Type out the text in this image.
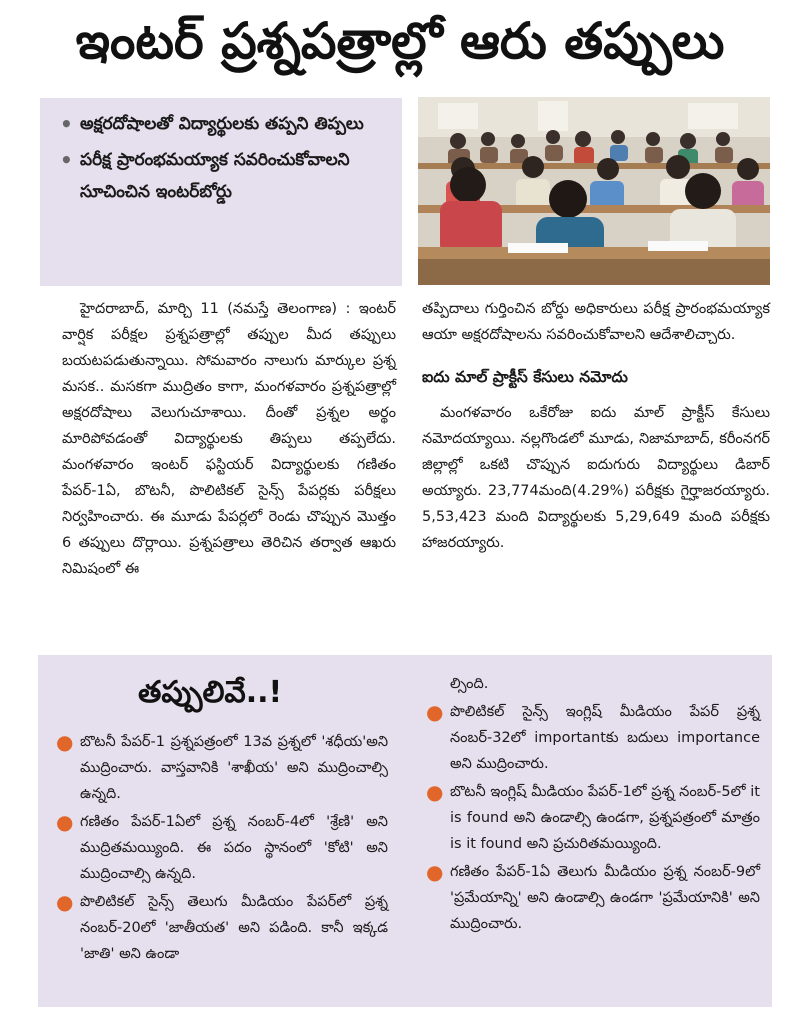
ఇంటర్ ప్రశ్నపత్రాల్లో ఆరు తప్పులు
• అక్షరదోషాలతో విద్యార్థులకు తప్పని తిప్పలు
• పరీక్ష ప్రారంభమయ్యాక సవరించుకోవాలని సూచించిన ఇంటర్‌బోర్డు

హైదరాబాద్, మార్చి 11 (నమస్తే తెలంగాణ) : ఇంటర్ వార్షిక పరీక్షల ప్రశ్నపత్రాల్లో తప్పుల మీద తప్పులు బయటపడుతున్నాయి. సోమవారం నాలుగు మార్కుల ప్రశ్న మసక.. మసకగా ముద్రితం కాగా, మంగళవారం ప్రశ్నపత్రాల్లో అక్షరదోషాలు వెలుగుచూశాయి. దీంతో ప్రశ్నల అర్థం మారిపోవడంతో విద్యార్థులకు తిప్పలు తప్పలేదు. మంగళవారం ఇంటర్ ఫస్టియర్ విద్యార్థులకు గణితం పేపర్-1ఏ, బొటనీ, పొలిటికల్ సైన్స్ పేపర్లకు పరీక్షలు నిర్వహించారు. ఈ మూడు పేపర్లలో రెండు చొప్పున మొత్తం 6 తప్పులు దొర్లాయి. ప్రశ్నపత్రాలు తెరిచిన తర్వాత ఆఖరు నిమిషంలో ఈ

తప్పిదాలు గుర్తించిన బోర్డు అధికారులు పరీక్ష ప్రారంభమయ్యాక ఆయా అక్షరదోషాలను సవరించుకోవాలని ఆదేశాలిచ్చారు.

ఐదు మాల్ ప్రాక్టీస్ కేసులు నమోదు

మంగళవారం ఒకేరోజు ఐదు మాల్ ప్రాక్టీస్ కేసులు నమోదయ్యాయి. నల్లగొండలో మూడు, నిజామాబాద్, కరీంనగర్ జిల్లాల్లో ఒకటి చొప్పున ఐదుగురు విద్యార్థులు డిబార్ అయ్యారు. 23,774మంది(4.29%) పరీక్షకు గైర్హాజరయ్యారు. 5,53,423 మంది విద్యార్థులకు 5,29,649 మంది పరీక్షకు హాజరయ్యారు.

తప్పులివే..!
● బొటనీ పేపర్-1 ప్రశ్నపత్రంలో 13వ ప్రశ్నలో 'శధీయ'అని ముద్రించారు. వాస్తవానికి 'శాఖీయ' అని ముద్రించాల్సి ఉన్నది.
● గణితం పేపర్-1ఏలో ప్రశ్న నంబర్-4లో 'శ్రేణి' అని ముద్రితమయ్యింది. ఈ పదం స్థానంలో 'కోటి' అని ముద్రించాల్సి ఉన్నది.
● పొలిటికల్ సైన్స్ తెలుగు మీడియం పేపర్‌లో ప్రశ్న నంబర్-20లో 'జాతీయత' అని పడింది. కానీ ఇక్కడ 'జాతి' అని ఉండా
ల్సింది.
● పొలిటికల్ సైన్స్ ఇంగ్లిష్ మీడియం పేపర్ ప్రశ్న నంబర్-32లో importantకు బదులు importance అని ముద్రించారు.
● బొటనీ ఇంగ్లిష్ మీడియం పేపర్-1లో ప్రశ్న నంబర్-5లో it is found అని ఉండాల్సి ఉండగా, ప్రశ్నపత్రంలో మాత్రం is it found అని ప్రచురితమయ్యింది.
● గణితం పేపర్-1ఏ తెలుగు మీడియం ప్రశ్న నంబర్-9లో 'ప్రమేయాన్ని' అని ఉండాల్సి ఉండగా 'ప్రమేయానికి' అని ముద్రించారు.
